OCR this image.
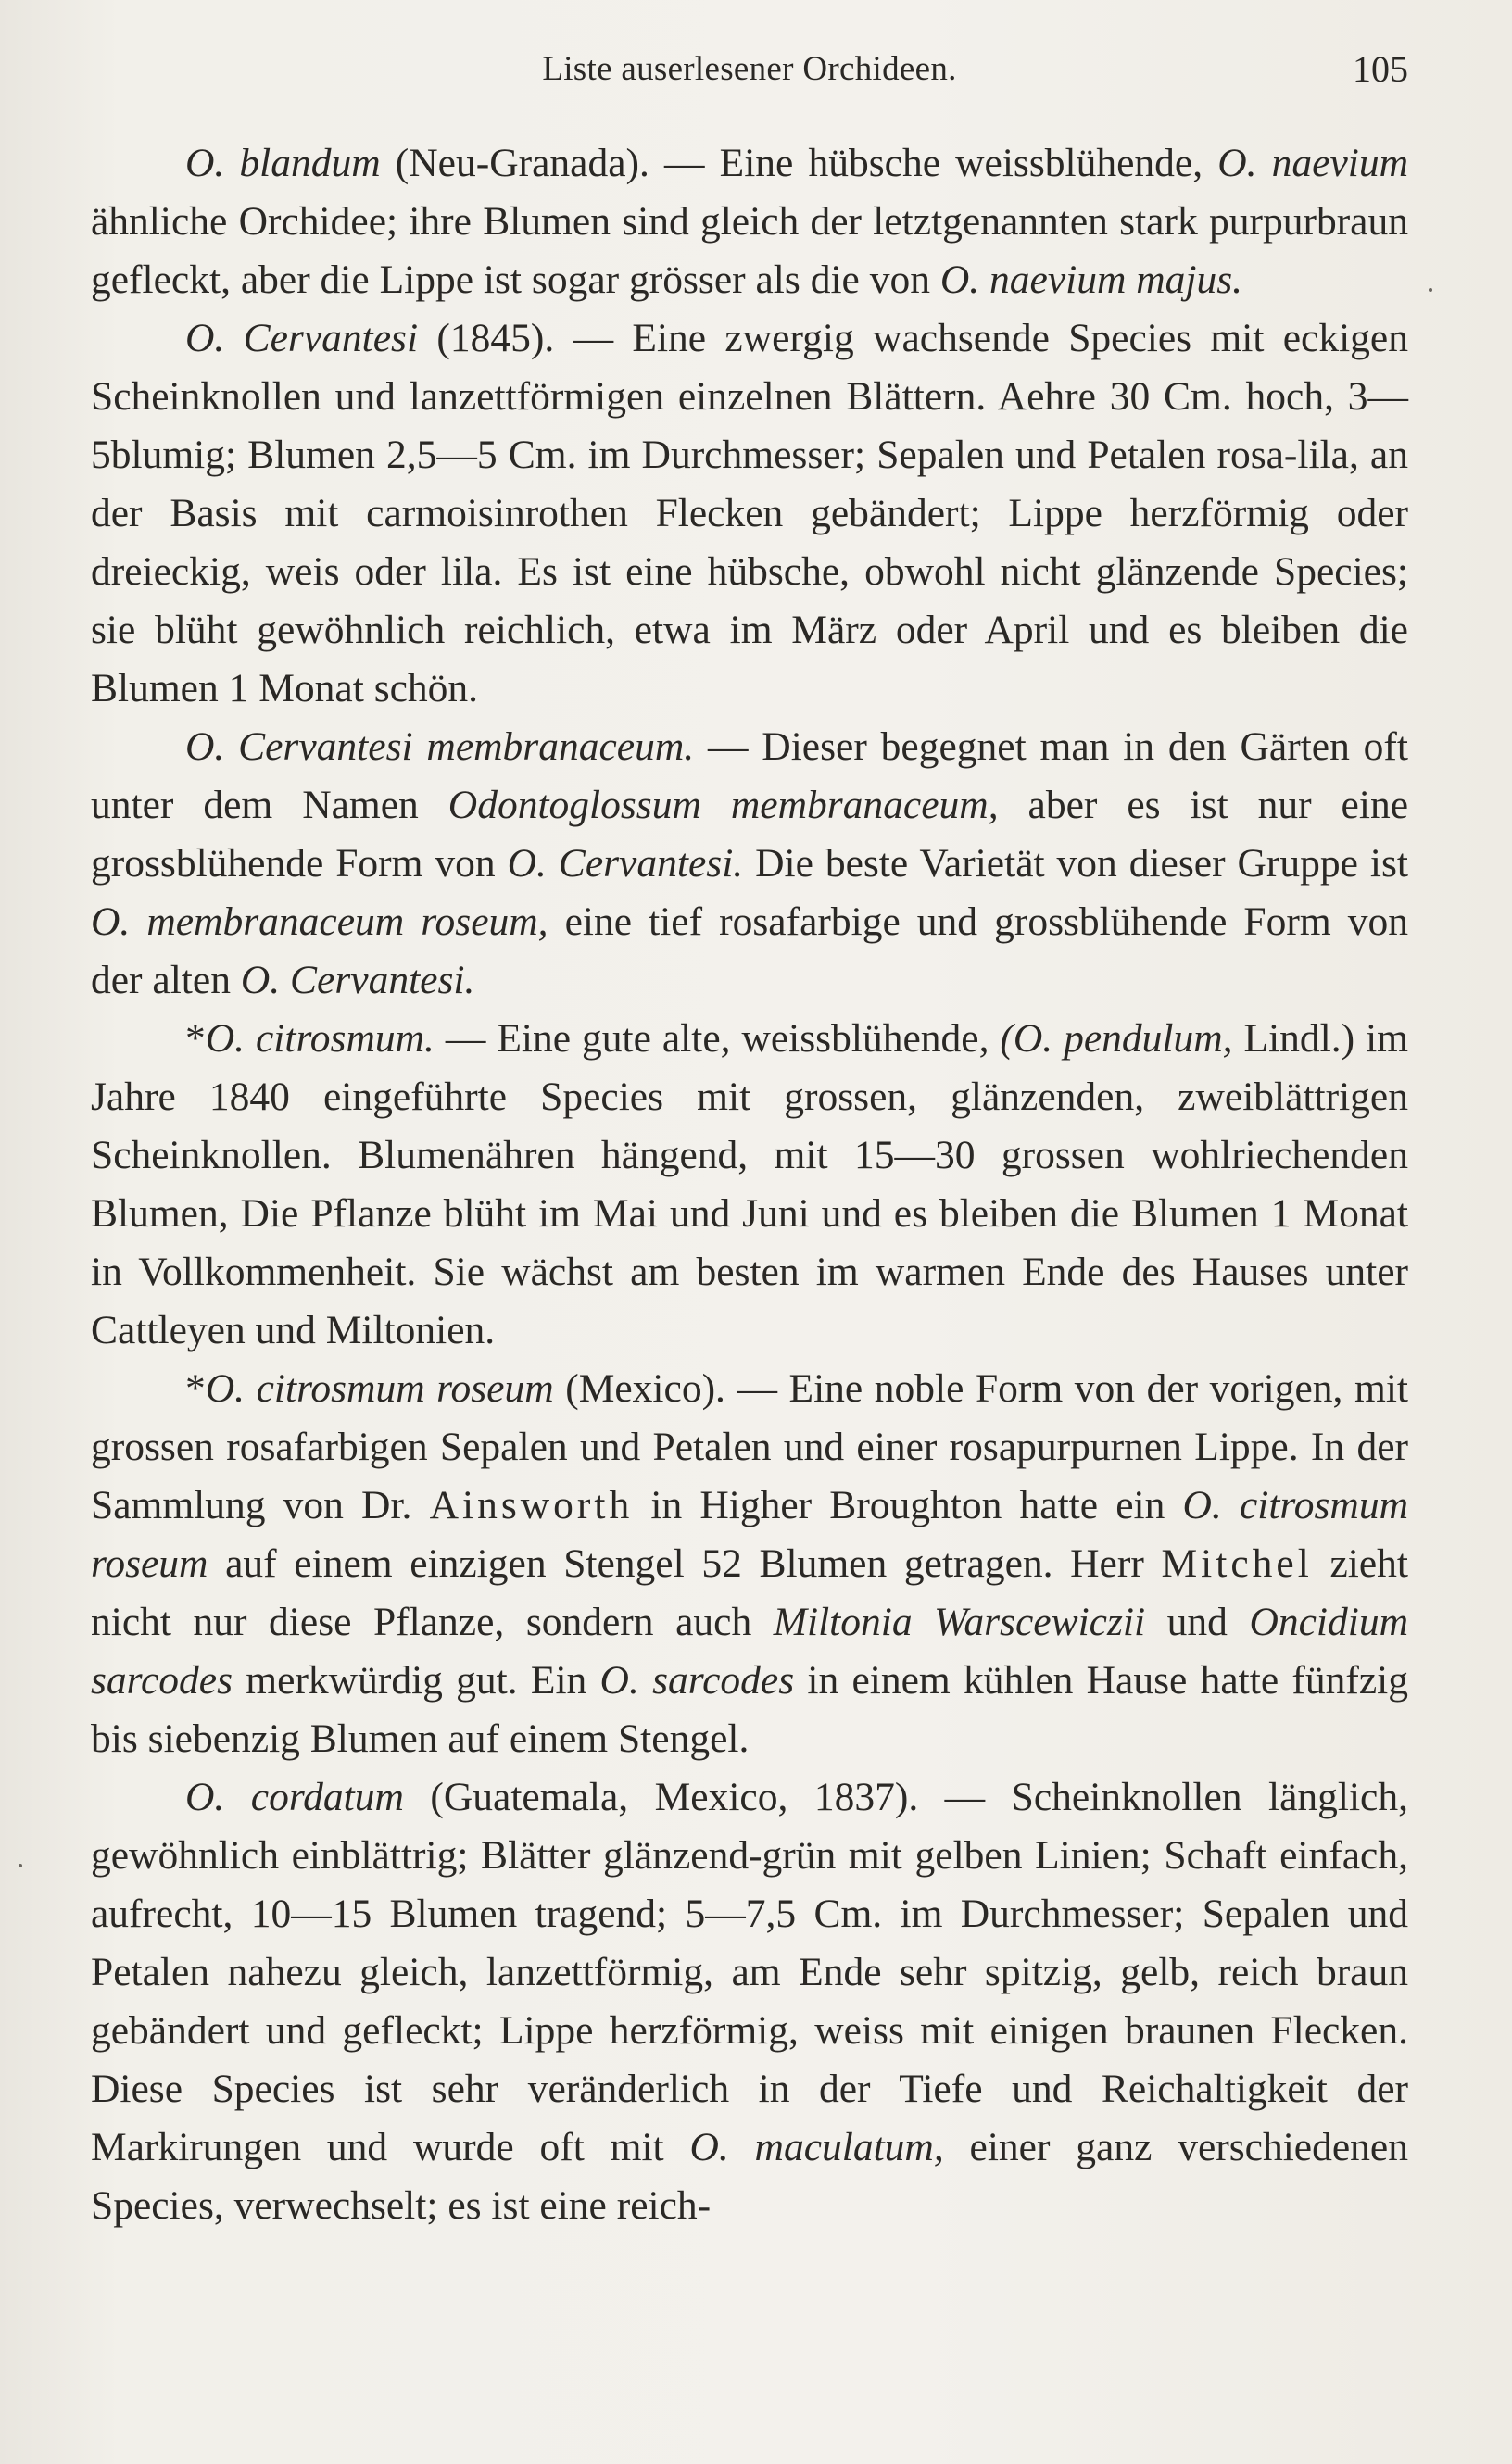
Liste auserlesener Orchideen.	105

O. blandum (Neu-Granada). — Eine hübsche weissblühende, O. naevium ähnliche Orchidee; ihre Blumen sind gleich der letztgenannten stark purpurbraun gefleckt, aber die Lippe ist sogar grösser als die von O. naevium majus.

O. Cervantesi (1845). — Eine zwergig wachsende Species mit eckigen Scheinknollen und lanzettförmigen einzelnen Blättern. Aehre 30 Cm. hoch, 3—5blumig; Blumen 2,5—5 Cm. im Durchmesser; Sepalen und Petalen rosa-lila, an der Basis mit carmoisinrothen Flecken gebändert; Lippe herzförmig oder dreieckig, weis oder lila. Es ist eine hübsche, obwohl nicht glänzende Species; sie blüht gewöhnlich reichlich, etwa im März oder April und es bleiben die Blumen 1 Monat schön.

O. Cervantesi membranaceum. — Dieser begegnet man in den Gärten oft unter dem Namen Odontoglossum membranaceum, aber es ist nur eine grossblühende Form von O. Cervantesi. Die beste Varietät von dieser Gruppe ist O. membranaceum roseum, eine tief rosafarbige und grossblühende Form von der alten O. Cervantesi.

*O. citrosmum. — Eine gute alte, weissblühende, (O. pendulum, Lindl.) im Jahre 1840 eingeführte Species mit grossen, glänzenden, zweiblättrigen Scheinknollen. Blumenähren hängend, mit 15—30 grossen wohlriechenden Blumen, Die Pflanze blüht im Mai und Juni und es bleiben die Blumen 1 Monat in Vollkommenheit. Sie wächst am besten im warmen Ende des Hauses unter Cattleyen und Miltonien.

*O. citrosmum roseum (Mexico). — Eine noble Form von der vorigen, mit grossen rosafarbigen Sepalen und Petalen und einer rosapurpurnen Lippe. In der Sammlung von Dr. Ainsworth in Higher Broughton hatte ein O. citrosmum roseum auf einem einzigen Stengel 52 Blumen getragen. Herr Mitchel zieht nicht nur diese Pflanze, sondern auch Miltonia Warscewiczii und Oncidium sarcodes merkwürdig gut. Ein O. sarcodes in einem kühlen Hause hatte fünfzig bis siebenzig Blumen auf einem Stengel.

O. cordatum (Guatemala, Mexico, 1837). — Scheinknollen länglich, gewöhnlich einblättrig; Blätter glänzend-grün mit gelben Linien; Schaft einfach, aufrecht, 10—15 Blumen tragend; 5—7,5 Cm. im Durchmesser; Sepalen und Petalen nahezu gleich, lanzettförmig, am Ende sehr spitzig, gelb, reich braun gebändert und gefleckt; Lippe herzförmig, weiss mit einigen braunen Flecken. Diese Species ist sehr veränderlich in der Tiefe und Reichaltigkeit der Markirungen und wurde oft mit O. maculatum, einer ganz verschiedenen Species, verwechselt; es ist eine reich-
